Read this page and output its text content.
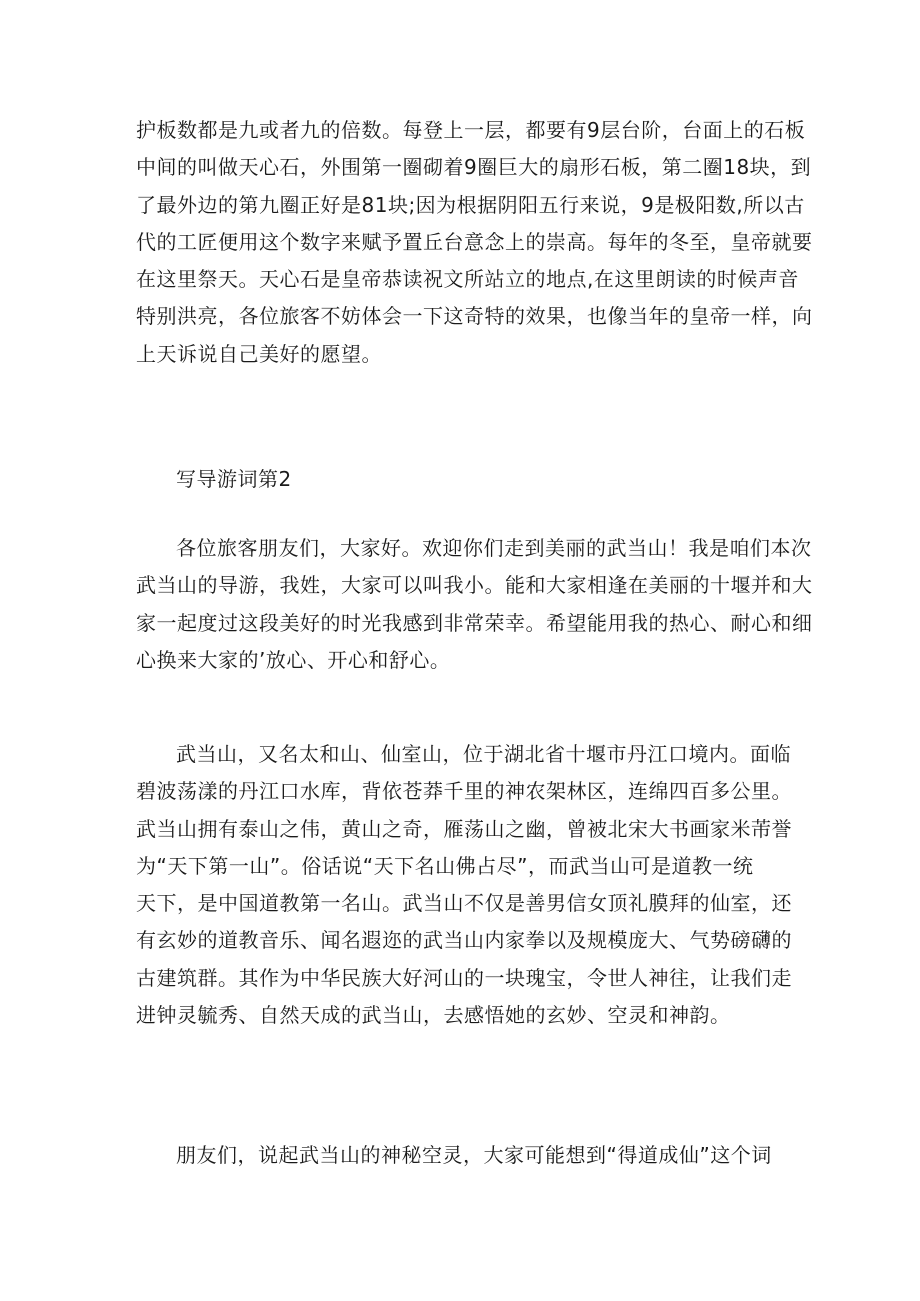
护板数都是九或者九的倍数。每登上一层，都要有9层台阶，台面上的石板
中间的叫做天心石，外围第一圈砌着9圈巨大的扇形石板，第二圈18块，到
了最外边的第九圈正好是81块;因为根据阴阳五行来说，9是极阳数,所以古
代的工匠便用这个数字来赋予置丘台意念上的崇高。每年的冬至，皇帝就要
在这里祭天。天心石是皇帝恭读祝文所站立的地点,在这里朗读的时候声音
特别洪亮，各位旅客不妨体会一下这奇特的效果，也像当年的皇帝一样，向
上天诉说自己美好的愿望。

写导游词第2

各位旅客朋友们，大家好。欢迎你们走到美丽的武当山！我是咱们本次
武当山的导游，我姓，大家可以叫我小。能和大家相逢在美丽的十堰并和大
家一起度过这段美好的时光我感到非常荣幸。希望能用我的热心、耐心和细
心换来大家的’放心、开心和舒心。

武当山，又名太和山、仙室山，位于湖北省十堰市丹江口境内。面临
碧波荡漾的丹江口水库，背依苍莽千里的神农架林区，连绵四百多公里。
武当山拥有泰山之伟，黄山之奇，雁荡山之幽，曾被北宋大书画家米芾誉
为“天下第一山”。俗话说“天下名山佛占尽”，而武当山可是道教一统
天下，是中国道教第一名山。武当山不仅是善男信女顶礼膜拜的仙室，还
有玄妙的道教音乐、闻名遐迩的武当山内家拳以及规模庞大、气势磅礴的
古建筑群。其作为中华民族大好河山的一块瑰宝，令世人神往，让我们走
进钟灵毓秀、自然天成的武当山，去感悟她的玄妙、空灵和神韵。

朋友们，说起武当山的神秘空灵，大家可能想到“得道成仙”这个词
